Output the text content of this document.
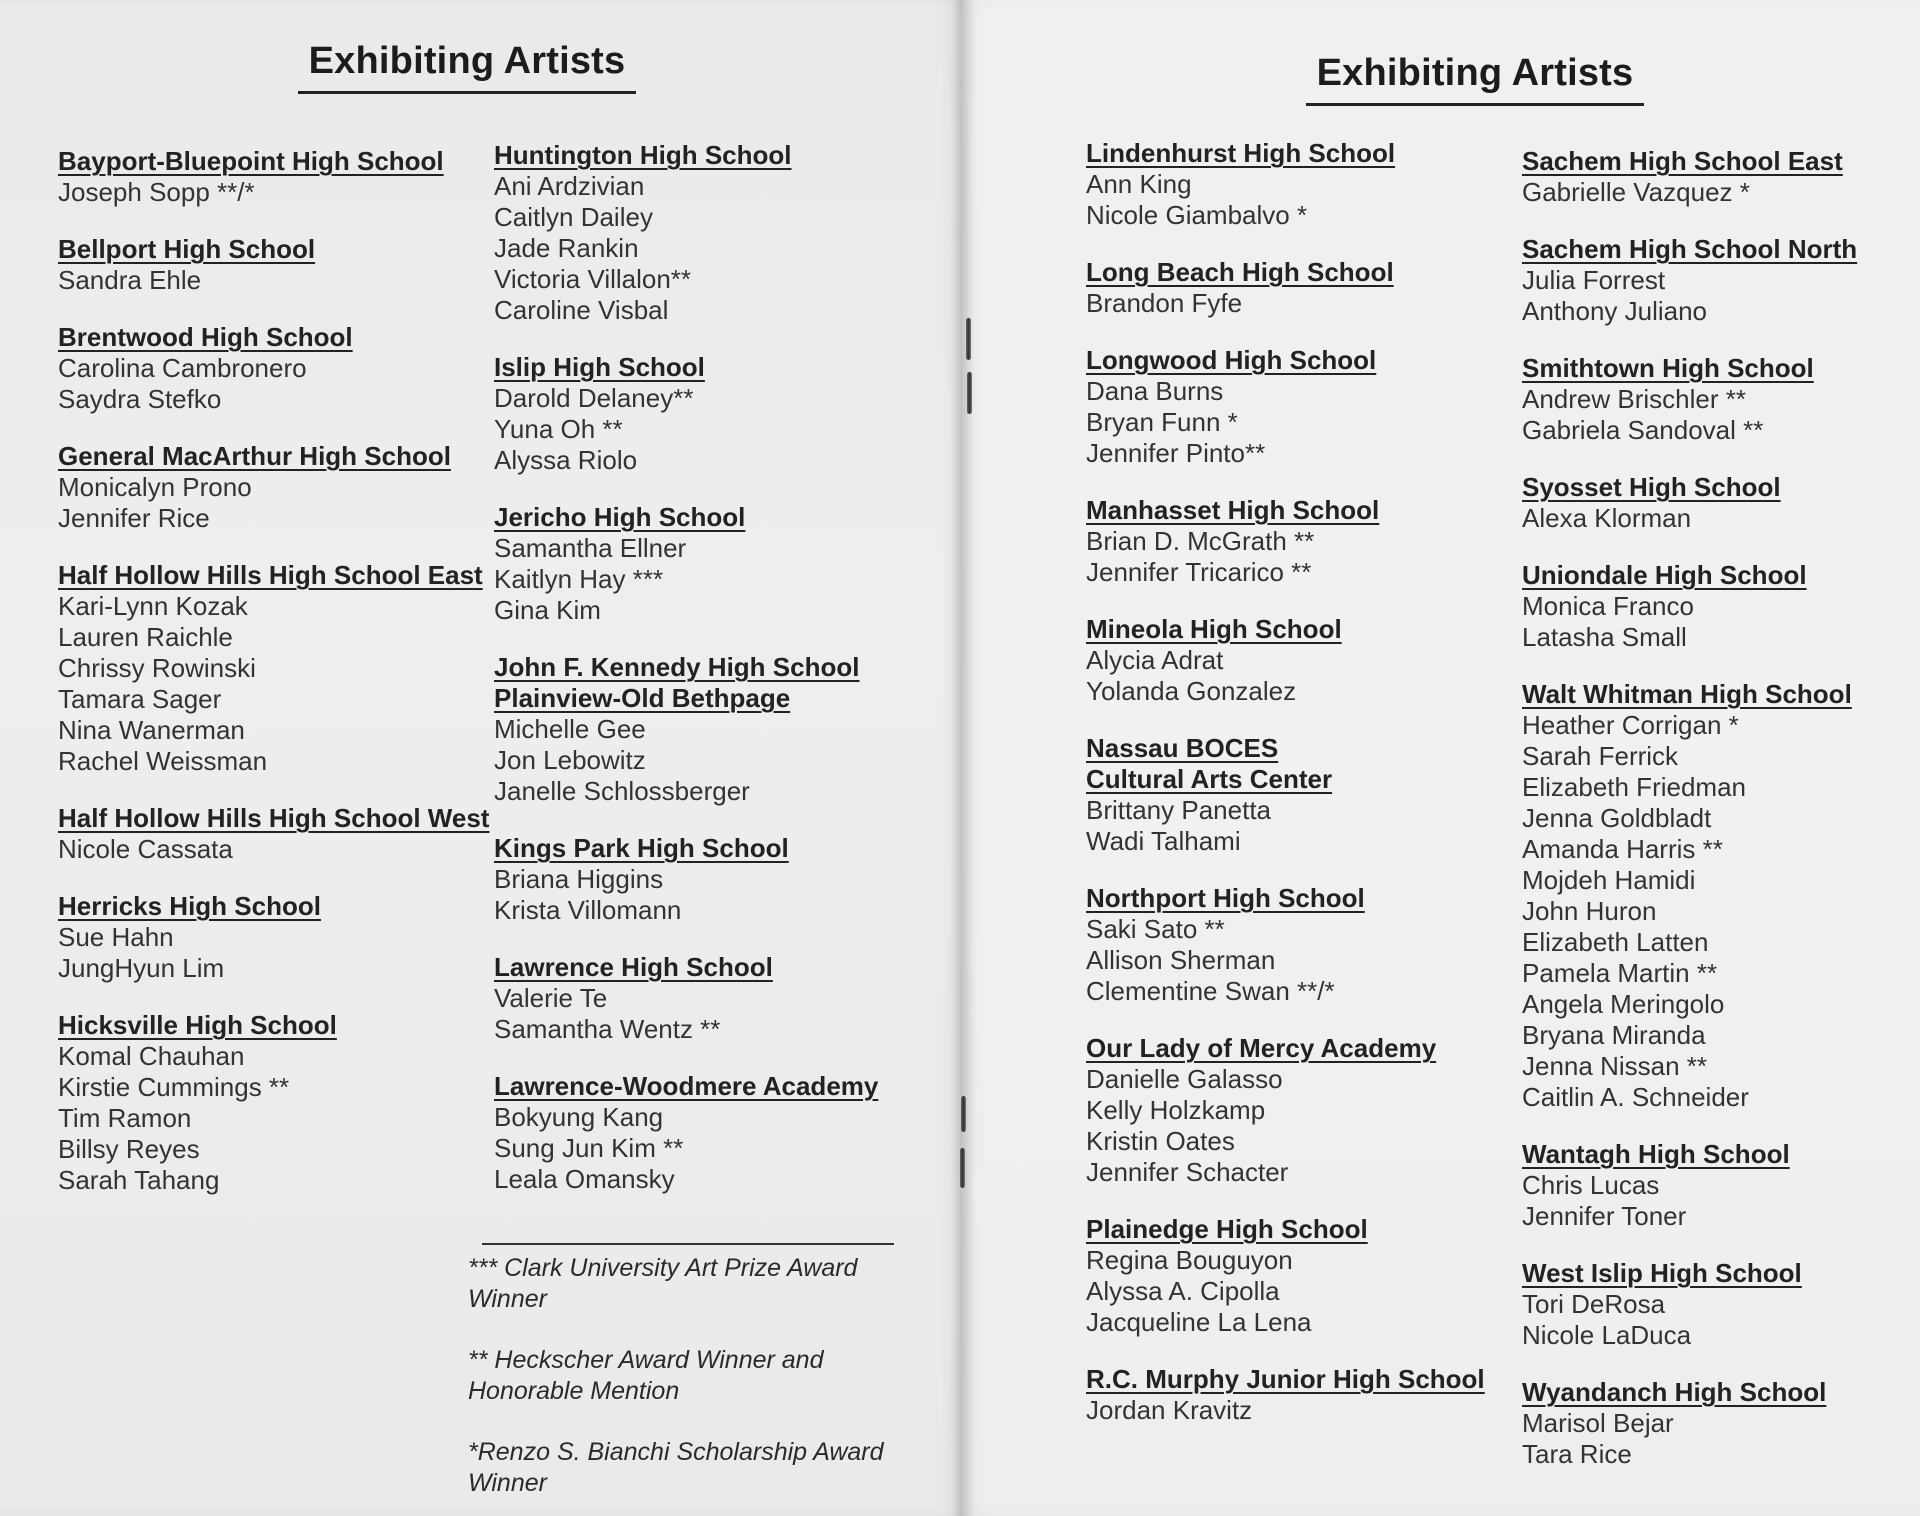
Exhibiting Artists
Bayport-Bluepoint High School
Joseph Sopp **/*
Bellport High School
Sandra Ehle
Brentwood High School
Carolina Cambronero
Saydra Stefko
General MacArthur High School
Monicalyn Prono
Jennifer Rice
Half Hollow Hills High School East
Kari-Lynn Kozak
Lauren Raichle
Chrissy Rowinski
Tamara Sager
Nina Wanerman
Rachel Weissman
Half Hollow Hills High School West
Nicole Cassata
Herricks High School
Sue Hahn
JungHyun Lim
Hicksville High School
Komal Chauhan
Kirstie Cummings **
Tim Ramon
Billsy Reyes
Sarah Tahang
Huntington High School
Ani Ardzivian
Caitlyn Dailey
Jade Rankin
Victoria Villalon**
Caroline Visbal
Islip High School
Darold Delaney**
Yuna Oh **
Alyssa Riolo
Jericho High School
Samantha Ellner
Kaitlyn Hay ***
Gina Kim
John F. Kennedy High School
Plainview-Old Bethpage
Michelle Gee
Jon Lebowitz
Janelle Schlossberger
Kings Park High School
Briana Higgins
Krista Villomann
Lawrence High School
Valerie Te
Samantha Wentz **
Lawrence-Woodmere Academy
Bokyung Kang
Sung Jun Kim **
Leala Omansky

*** Clark University Art Prize Award Winner

** Heckscher Award Winner and Honorable Mention

*Renzo S. Bianchi Scholarship Award Winner

Exhibiting Artists
Lindenhurst High School
Ann King
Nicole Giambalvo *
Long Beach High School
Brandon Fyfe
Longwood High School
Dana Burns
Bryan Funn *
Jennifer Pinto**
Manhasset High School
Brian D. McGrath **
Jennifer Tricarico **
Mineola High School
Alycia Adrat
Yolanda Gonzalez
Nassau BOCES
Cultural Arts Center
Brittany Panetta
Wadi Talhami
Northport High School
Saki Sato **
Allison Sherman
Clementine Swan **/*
Our Lady of Mercy Academy
Danielle Galasso
Kelly Holzkamp
Kristin Oates
Jennifer Schacter
Plainedge High School
Regina Bouguyon
Alyssa A. Cipolla
Jacqueline La Lena
R.C. Murphy Junior High School
Jordan Kravitz
Sachem High School East
Gabrielle Vazquez *
Sachem High School North
Julia Forrest
Anthony Juliano
Smithtown High School
Andrew Brischler **
Gabriela Sandoval **
Syosset High School
Alexa Klorman
Uniondale High School
Monica Franco
Latasha Small
Walt Whitman High School
Heather Corrigan *
Sarah Ferrick
Elizabeth Friedman
Jenna Goldbladt
Amanda Harris **
Mojdeh Hamidi
John Huron
Elizabeth Latten
Pamela Martin **
Angela Meringolo
Bryana Miranda
Jenna Nissan **
Caitlin A. Schneider
Wantagh High School
Chris Lucas
Jennifer Toner
West Islip High School
Tori DeRosa
Nicole LaDuca
Wyandanch High School
Marisol Bejar
Tara Rice
